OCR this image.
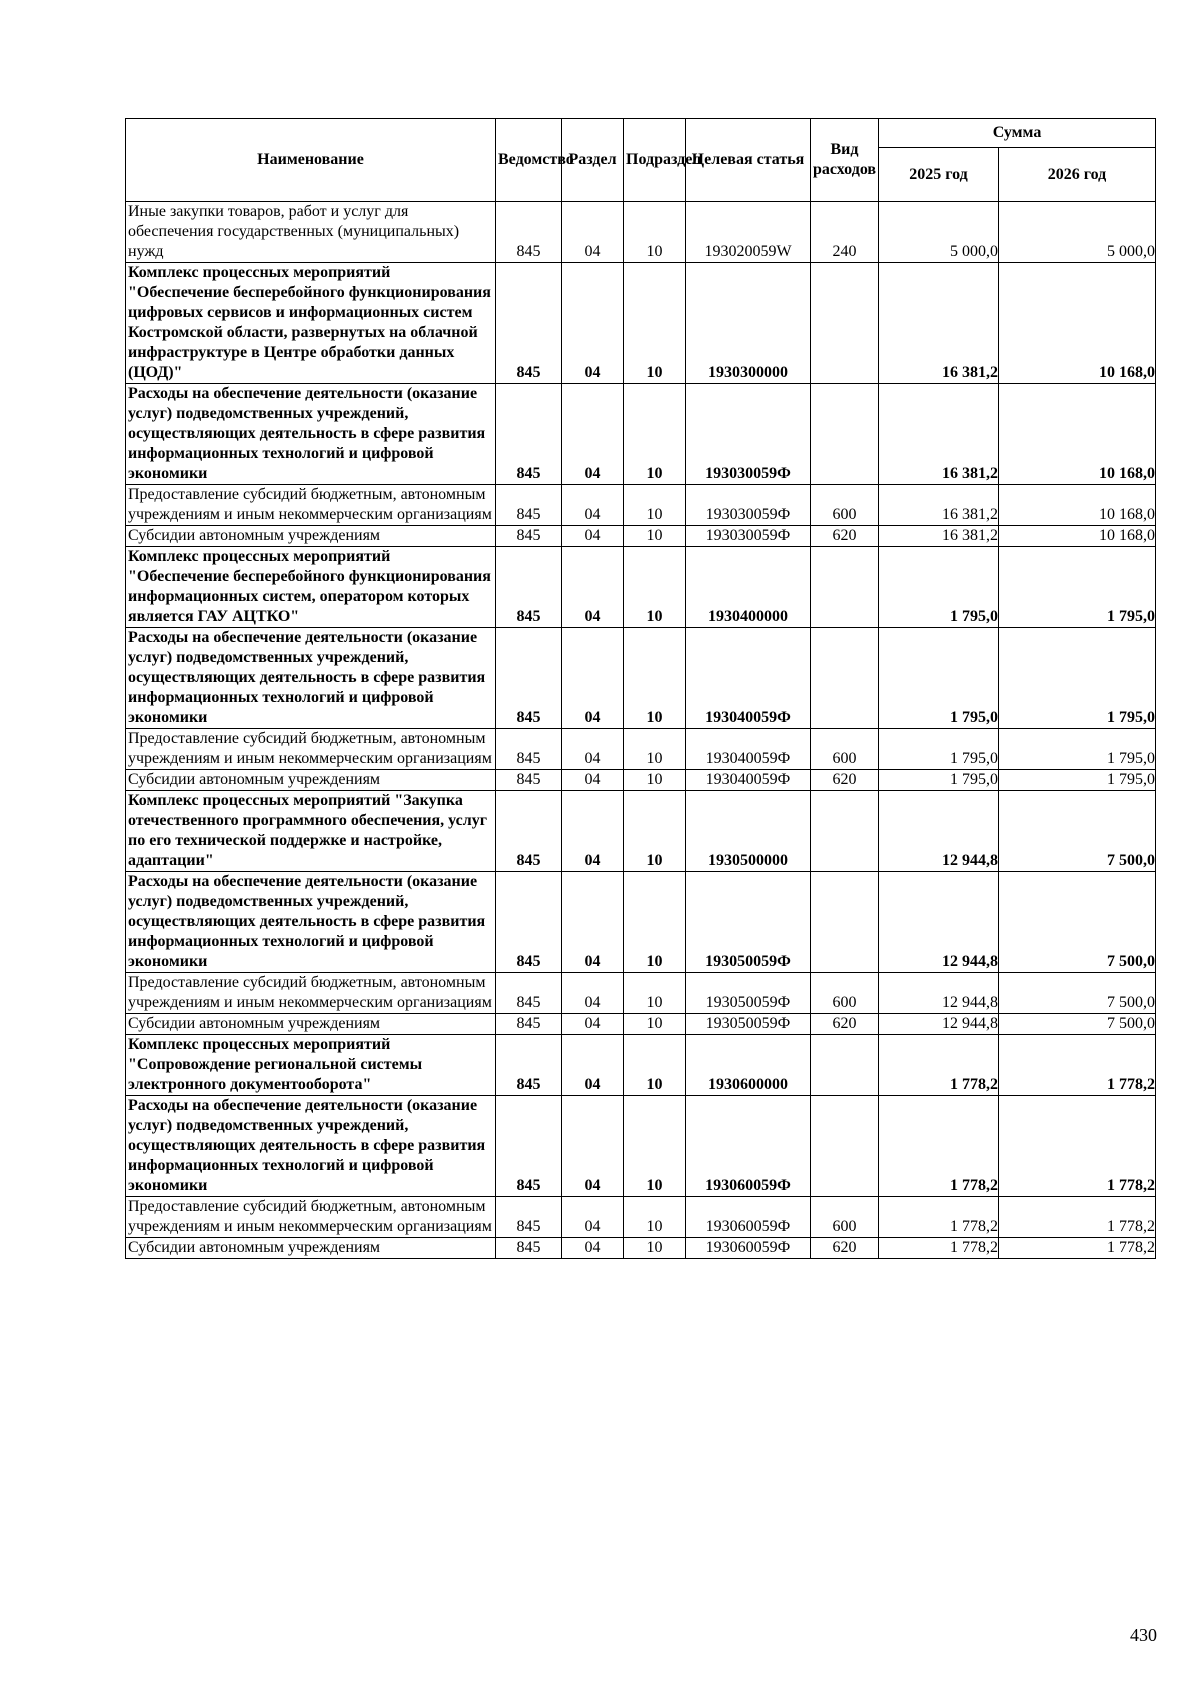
Наименование	Ведомство	Раздел	Подраздел	Целевая статья	Вид расходов	Сумма	
						2025 год	2026 год
Иные закупки товаров, работ и услуг для обеспечения государственных (муниципальных) нужд	845	04	10	193020059W	240	5 000,0	5 000,0
Комплекс процессных мероприятий "Обеспечение бесперебойного функционирования цифровых сервисов и информационных систем Костромской области, развернутых на облачной инфраструктуре в Центре обработки данных (ЦОД)"	845	04	10	1930300000		16 381,2	10 168,0
Расходы на обеспечение деятельности (оказание услуг) подведомственных учреждений, осуществляющих деятельность в сфере развития информационных технологий и цифровой экономики	845	04	10	193030059Ф		16 381,2	10 168,0
Предоставление субсидий бюджетным, автономным учреждениям и иным некоммерческим организациям	845	04	10	193030059Ф	600	16 381,2	10 168,0
Субсидии автономным учреждениям	845	04	10	193030059Ф	620	16 381,2	10 168,0
Комплекс процессных мероприятий "Обеспечение бесперебойного функционирования информационных систем, оператором которых является ГАУ АЦТКО"	845	04	10	1930400000		1 795,0	1 795,0
Расходы на обеспечение деятельности (оказание услуг) подведомственных учреждений, осуществляющих деятельность в сфере развития информационных технологий и цифровой экономики	845	04	10	193040059Ф		1 795,0	1 795,0
Предоставление субсидий бюджетным, автономным учреждениям и иным некоммерческим организациям	845	04	10	193040059Ф	600	1 795,0	1 795,0
Субсидии автономным учреждениям	845	04	10	193040059Ф	620	1 795,0	1 795,0
Комплекс процессных мероприятий "Закупка отечественного программного обеспечения, услуг по его технической поддержке и настройке, адаптации"	845	04	10	1930500000		12 944,8	7 500,0
Расходы на обеспечение деятельности (оказание услуг) подведомственных учреждений, осуществляющих деятельность в сфере развития информационных технологий и цифровой экономики	845	04	10	193050059Ф		12 944,8	7 500,0
Предоставление субсидий бюджетным, автономным учреждениям и иным некоммерческим организациям	845	04	10	193050059Ф	600	12 944,8	7 500,0
Субсидии автономным учреждениям	845	04	10	193050059Ф	620	12 944,8	7 500,0
Комплекс процессных мероприятий "Сопровождение региональной системы электронного документооборота"	845	04	10	1930600000		1 778,2	1 778,2
Расходы на обеспечение деятельности (оказание услуг) подведомственных учреждений, осуществляющих деятельность в сфере развития информационных технологий и цифровой экономики	845	04	10	193060059Ф		1 778,2	1 778,2
Предоставление субсидий бюджетным, автономным учреждениям и иным некоммерческим организациям	845	04	10	193060059Ф	600	1 778,2	1 778,2
Субсидии автономным учреждениям	845	04	10	193060059Ф	620	1 778,2	1 778,2
430
